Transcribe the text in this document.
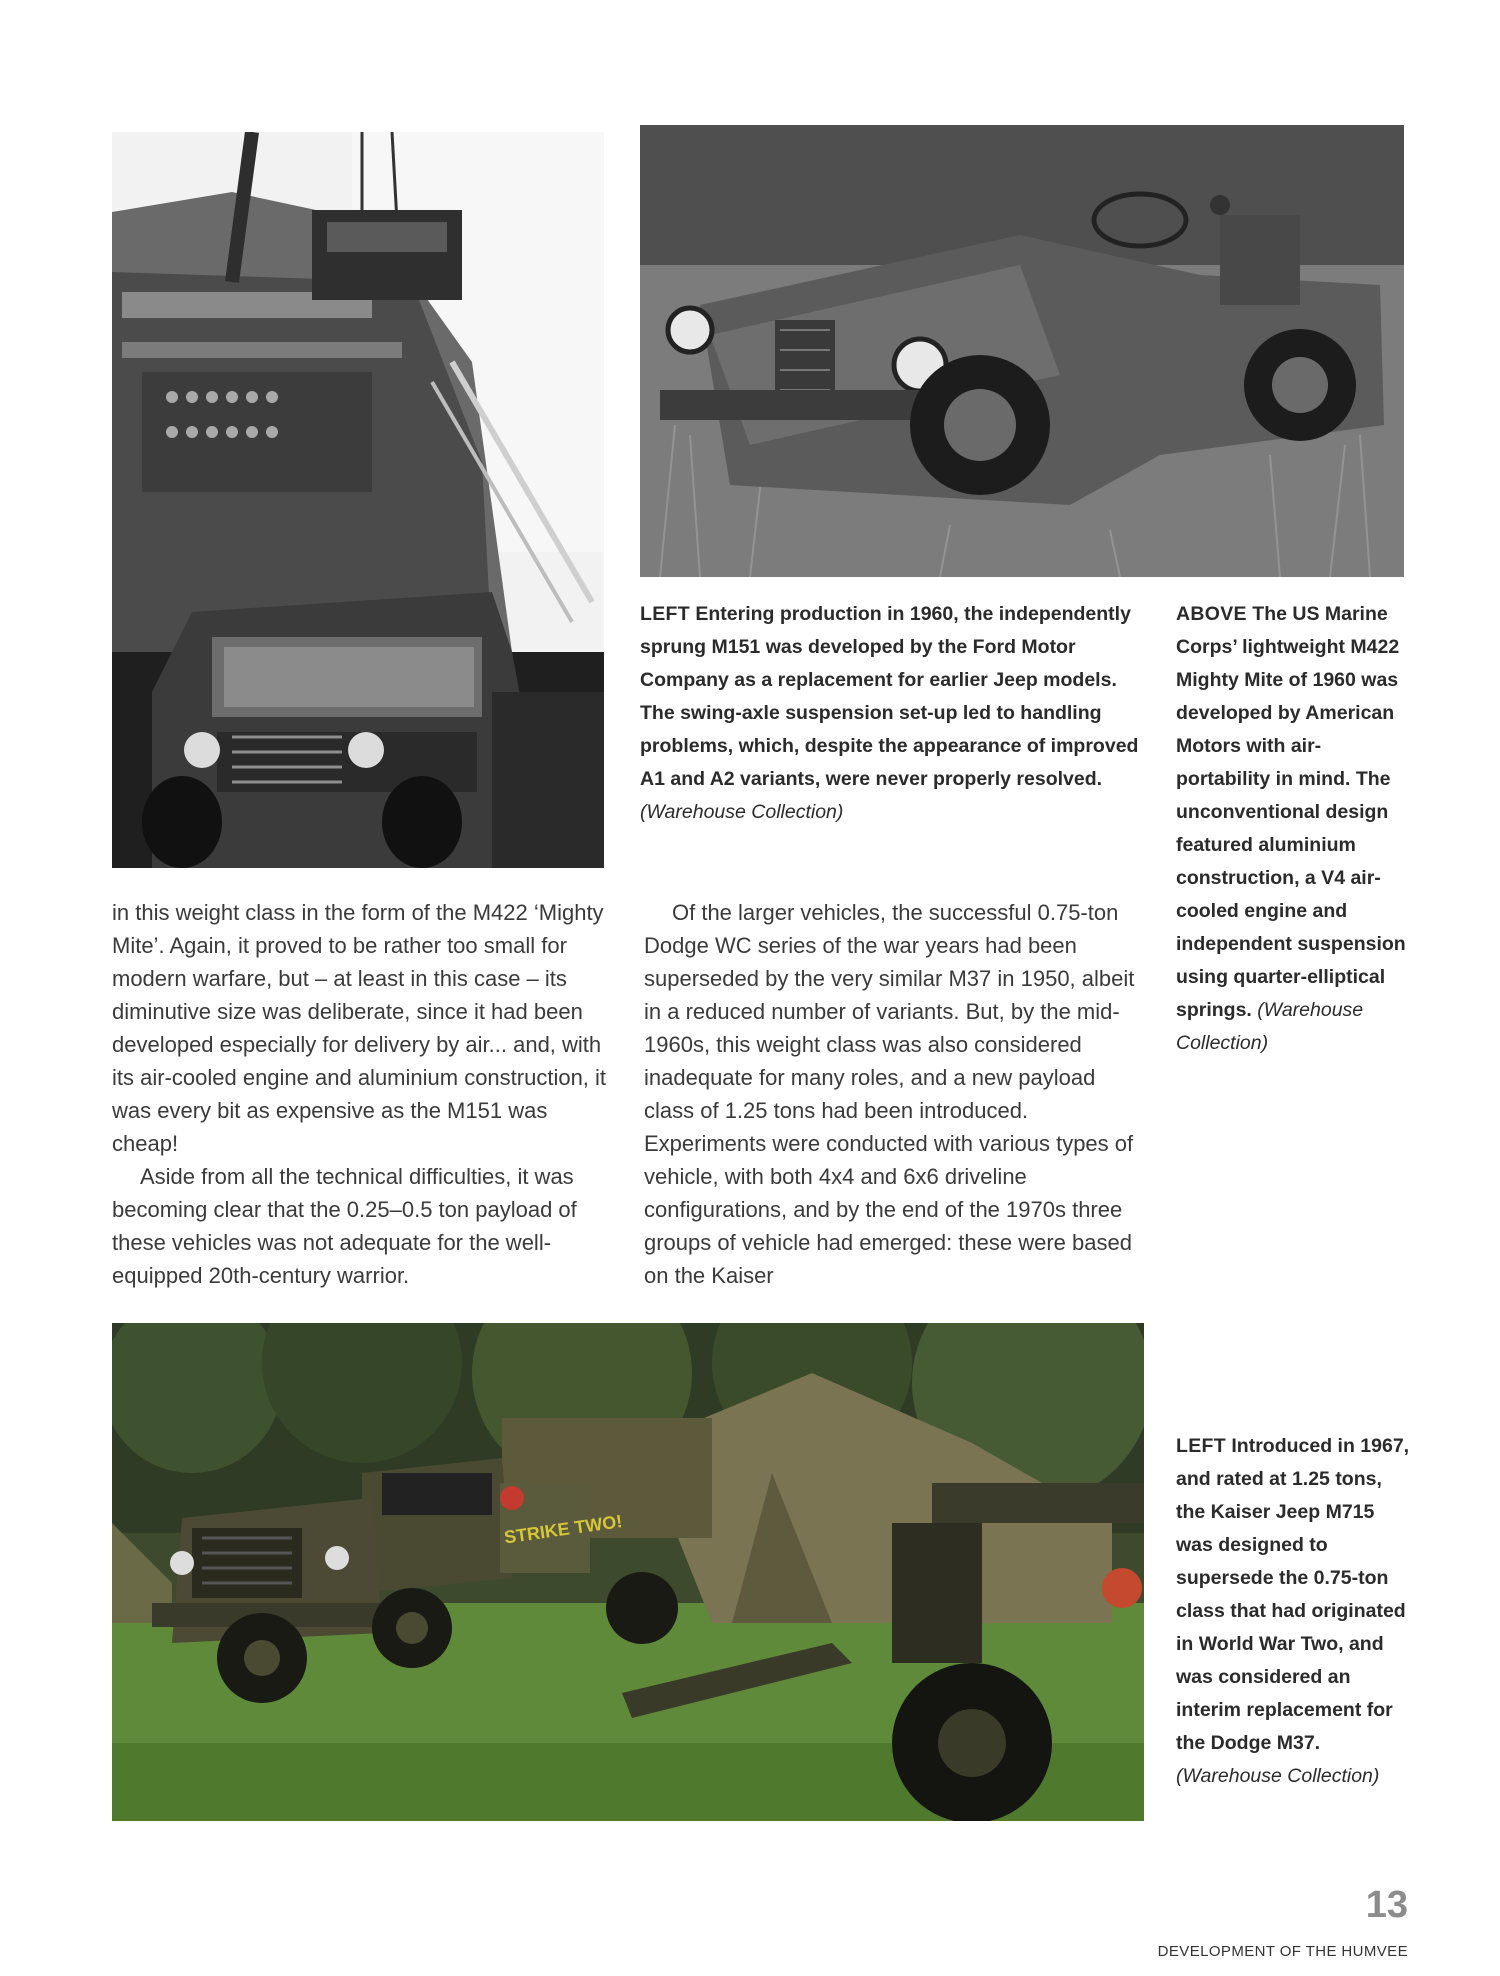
LEFT Entering production in 1960, the independently sprung M151 was developed by the Ford Motor Company as a replacement for earlier Jeep models. The swing-axle suspension set-up led to handling problems, which, despite the appearance of improved A1 and A2 variants, were never properly resolved. (Warehouse Collection)

ABOVE The US Marine Corps’ lightweight M422 Mighty Mite of 1960 was developed by American Motors with air-portability in mind. The unconventional design featured aluminium construction, a V4 air-cooled engine and independent suspension using quarter-elliptical springs. (Warehouse Collection)

in this weight class in the form of the M422 ‘Mighty Mite’. Again, it proved to be rather too small for modern warfare, but – at least in this case – its diminutive size was deliberate, since it had been developed especially for delivery by air... and, with its air-cooled engine and aluminium construction, it was every bit as expensive as the M151 was cheap!

Aside from all the technical difficulties, it was becoming clear that the 0.25–0.5 ton payload of these vehicles was not adequate for the well-equipped 20th-century warrior.

Of the larger vehicles, the successful 0.75-ton Dodge WC series of the war years had been superseded by the very similar M37 in 1950, albeit in a reduced number of variants. But, by the mid-1960s, this weight class was also considered inadequate for many roles, and a new payload class of 1.25 tons had been introduced. Experiments were conducted with various types of vehicle, with both 4x4 and 6x6 driveline configurations, and by the end of the 1970s three groups of vehicle had emerged: these were based on the Kaiser

STRIKE TWO!

LEFT Introduced in 1967, and rated at 1.25 tons, the Kaiser Jeep M715 was designed to supersede the 0.75-ton class that had originated in World War Two, and was considered an interim replacement for the Dodge M37. (Warehouse Collection)

13

DEVELOPMENT OF THE HUMVEE
